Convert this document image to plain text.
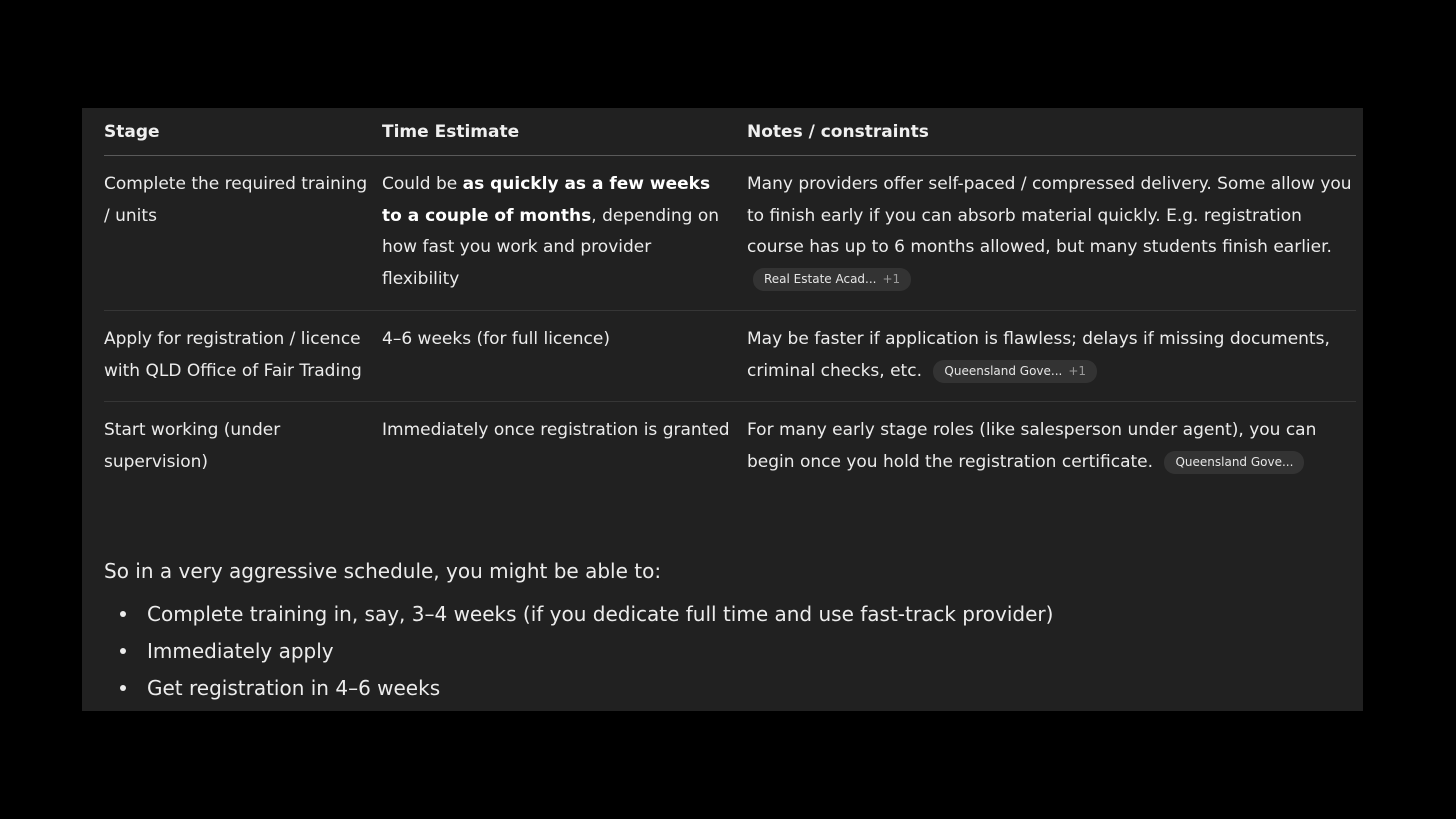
Stage	Time Estimate	Notes / constraints
Complete the required training / units	Could be as quickly as a few weeks to a couple of months, depending on how fast you work and provider flexibility	Many providers offer self-paced / compressed delivery. Some allow you to finish early if you can absorb material quickly. E.g. registration course has up to 6 months allowed, but many students finish earlier. Real Estate Acad... +1
Apply for registration / licence with QLD Office of Fair Trading	4–6 weeks (for full licence)	May be faster if application is flawless; delays if missing documents, criminal checks, etc. Queensland Gove... +1
Start working (under supervision)	Immediately once registration is granted	For many early stage roles (like salesperson under agent), you can begin once you hold the registration certificate. Queensland Gove...

So in a very aggressive schedule, you might be able to:

Complete training in, say, 3–4 weeks (if you dedicate full time and use fast-track provider)
Immediately apply
Get registration in 4–6 weeks
